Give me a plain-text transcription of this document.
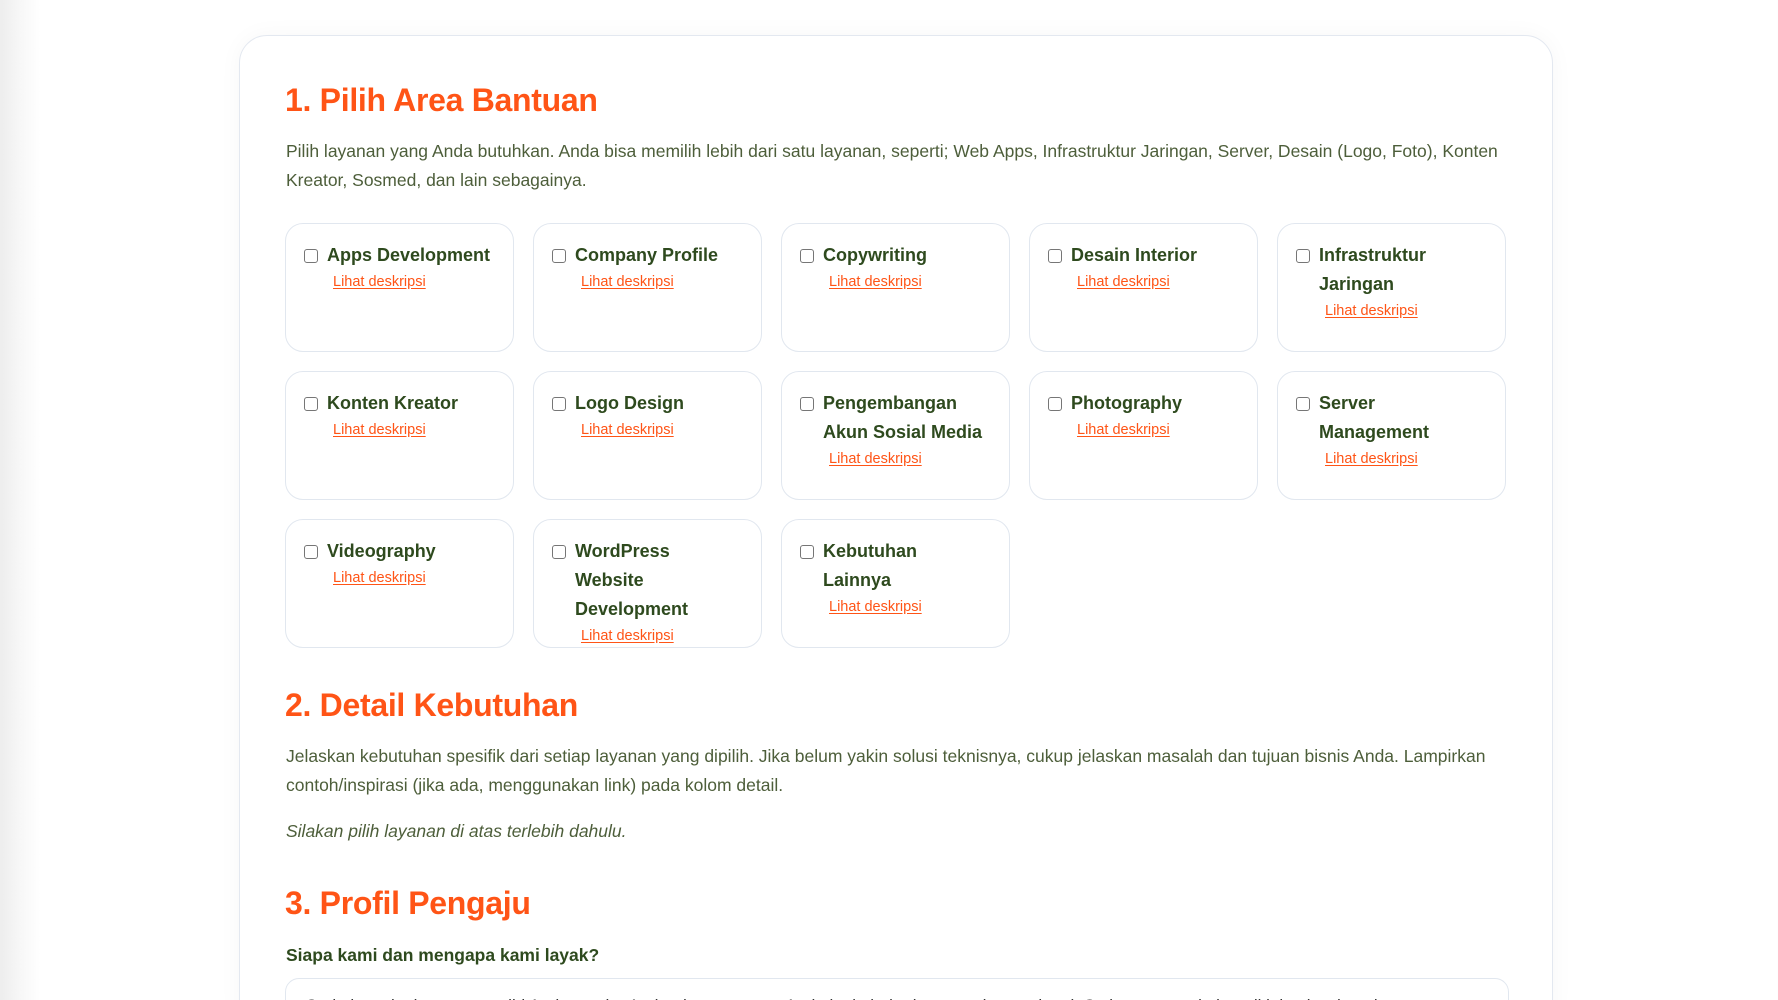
1. Pilih Area Bantuan

Pilih layanan yang Anda butuhkan. Anda bisa memilih lebih dari satu layanan, seperti; Web Apps, Infrastruktur Jaringan, Server, Desain (Logo, Foto), Konten Kreator, Sosmed, dan lain sebagainya.

Apps Development
Lihat deskripsi
Company Profile
Lihat deskripsi
Copywriting
Lihat deskripsi
Desain Interior
Lihat deskripsi
Infrastruktur Jaringan
Lihat deskripsi
Konten Kreator
Lihat deskripsi
Logo Design
Lihat deskripsi
Pengembangan Akun Sosial Media
Lihat deskripsi
Photography
Lihat deskripsi
Server Management
Lihat deskripsi
Videography
Lihat deskripsi
WordPress Website Development
Lihat deskripsi
Kebutuhan Lainnya
Lihat deskripsi
2. Detail Kebutuhan

Jelaskan kebutuhan spesifik dari setiap layanan yang dipilih. Jika belum yakin solusi teknisnya, cukup jelaskan masalah dan tujuan bisnis Anda. Lampirkan contoh/inspirasi (jika ada, menggunakan link) pada kolom detail.

Silakan pilih layanan di atas terlebih dahulu.

3. Profil Pengaju
Siapa kami dan mengapa kami layak?
Ceritakan singkat tentang diri Anda, usaha Anda, dan mengapa Anda ingin bekerja sama dengan kami. Setiap proposal akan ditinjau berdasarkan
